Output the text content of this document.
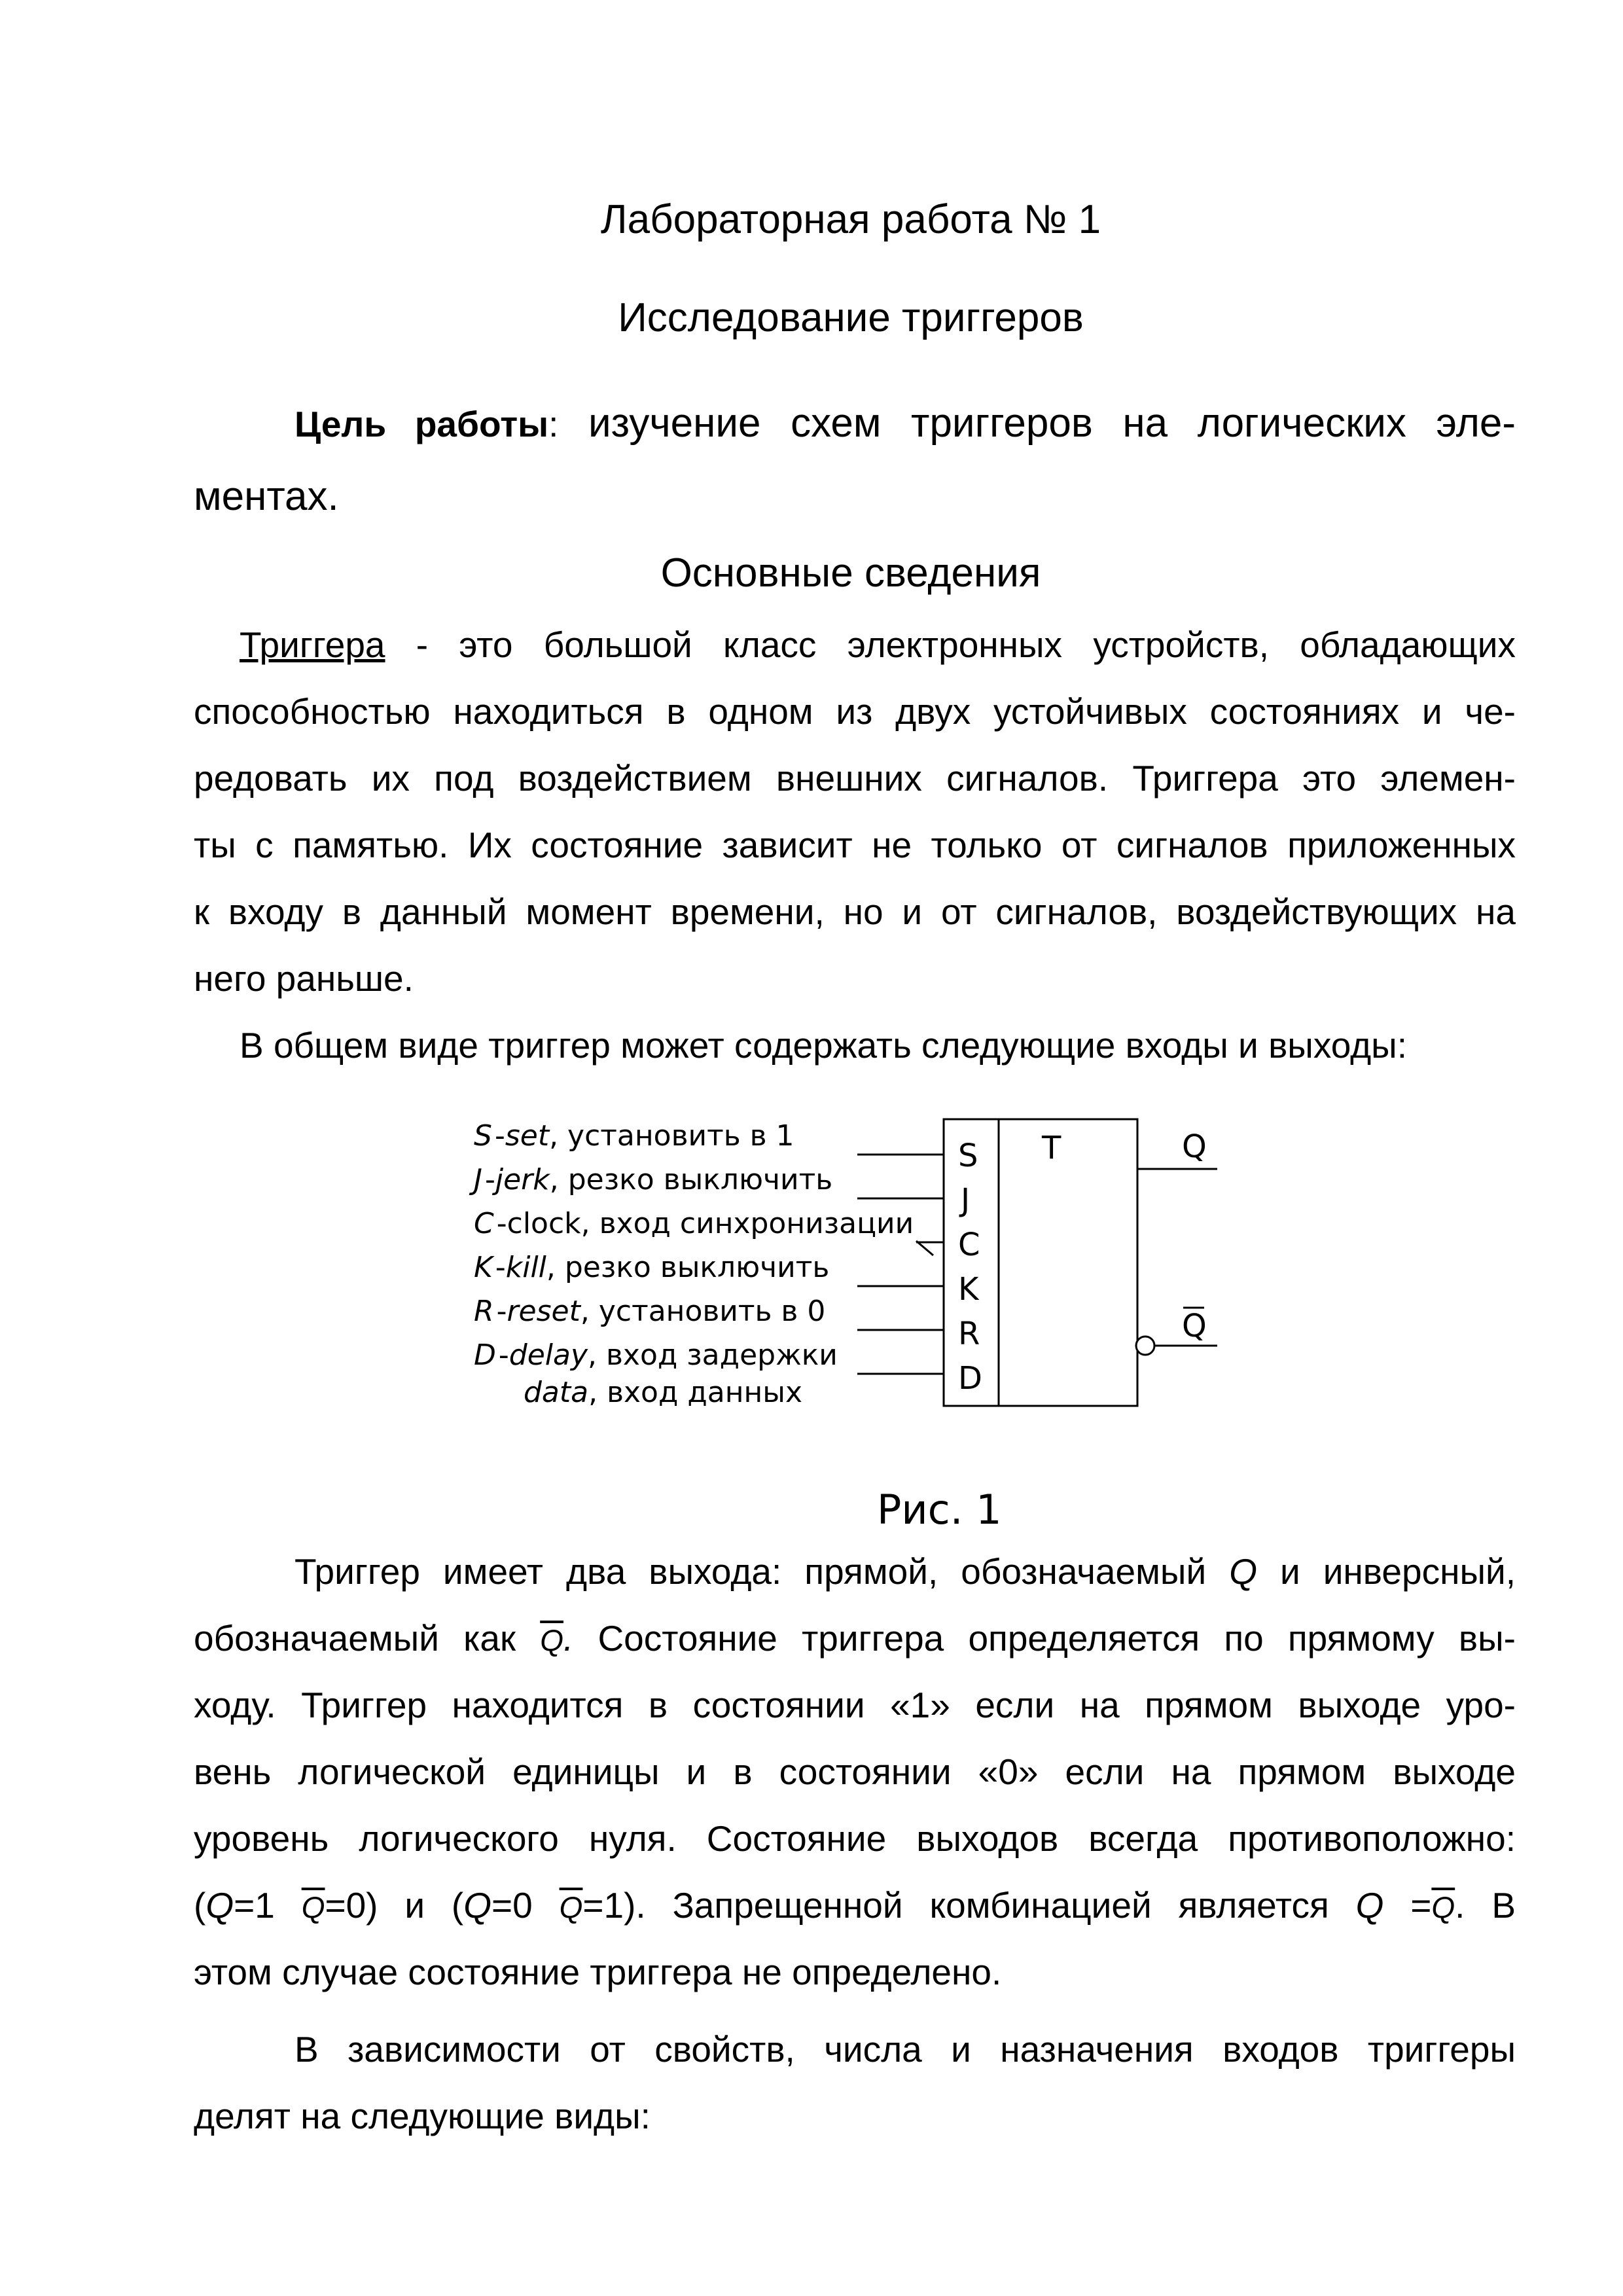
Лабораторная работа № 1
Исследование триггеров
Цель работы: изучение схем триггеров на логических эле-
ментах.
Основные сведения
Триггера - это большой класс электронных устройств, обладающих
способностью находиться в одном из двух устойчивых состояниях и че-
редовать их под воздействием внешних сигналов. Триггера это элемен-
ты с памятью. Их состояние зависит не только от сигналов приложенных
к входу в данный момент времени, но и от сигналов, воздействующих на
него раньше.
В общем виде триггер может содержать следующие входы и выходы:
S-set, установить в 1
J-jerk, резко выключить
C-clock, вход синхронизации
K-kill, резко выключить
R-reset, установить в 0
D-delay, вход задержки
data, вход данных
S
J
C
K
R
D
T	Q
Q
Рис. 1
Триггер имеет два выхода: прямой, обозначаемый Q и инверсный,
обозначаемый как $\overline{Q}$. Состояние триггера определяется по прямому вы-
ходу. Триггер находится в состоянии «1» если на прямом выходе уро-
вень логической единицы и в состоянии «0» если на прямом выходе
уровень логического нуля. Состояние выходов всегда противоположно:
(Q=1 $\overline{Q}=0$) и (Q=0 $\overline{Q}=1$). Запрещенной комбинацией является $Q =\overline{Q}$. В
этом случае состояние триггера не определено.
В зависимости от свойств, числа и назначения входов триггеры
делят на следующие виды:
